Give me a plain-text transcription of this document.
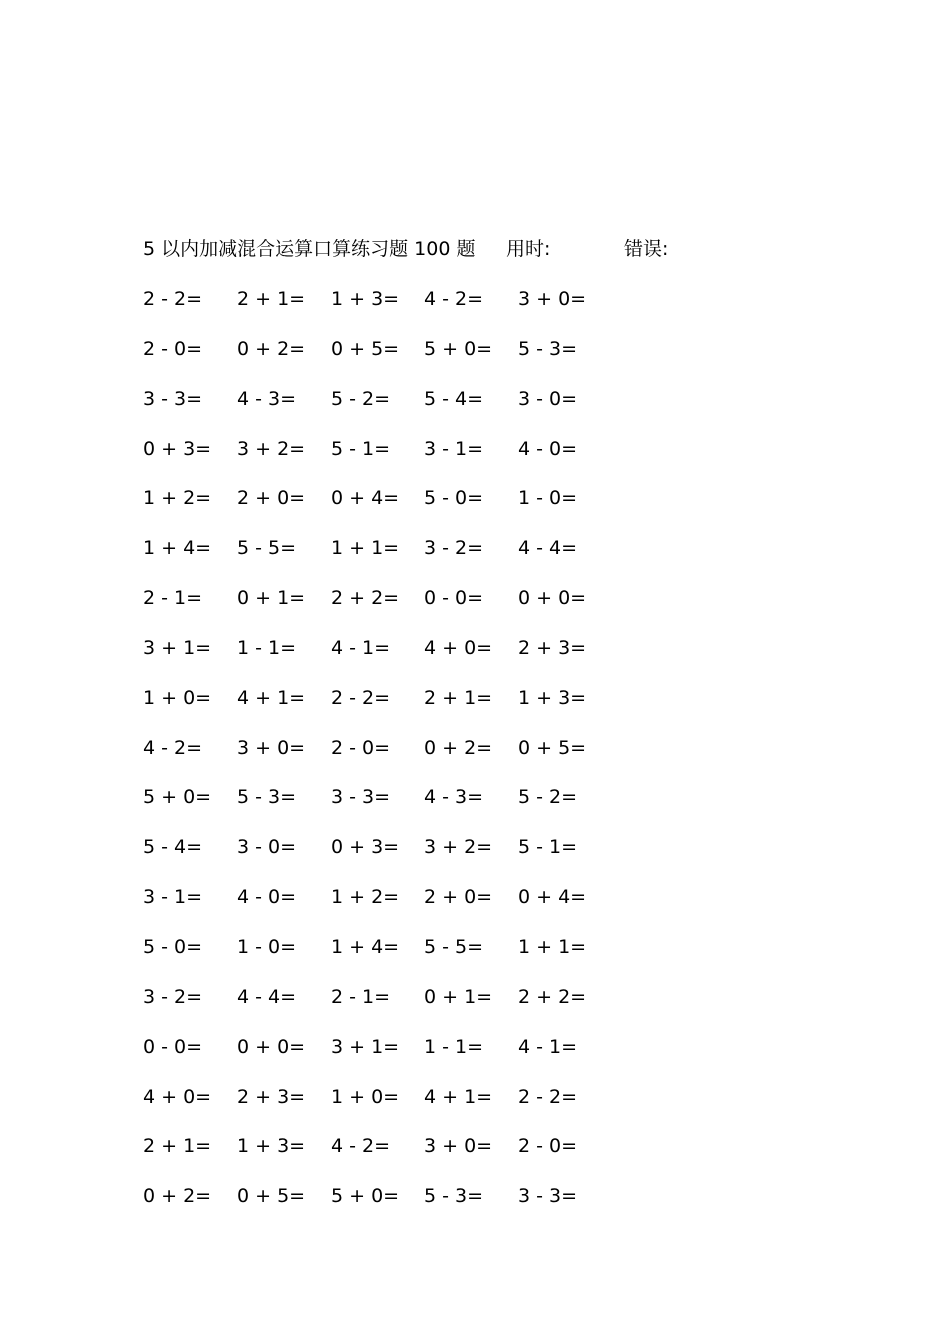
5 以内加减混合运算口算练习题 100 题 用时:	错误:
2 - 2= 2 + 1= 1 + 3= 4 - 2= 3 + 0=
2 - 0= 0 + 2= 0 + 5= 5 + 0= 5 - 3=
3 - 3= 4 - 3= 5 - 2= 5 - 4= 3 - 0=
0 + 3= 3 + 2= 5 - 1= 3 - 1= 4 - 0=
1 + 2= 2 + 0= 0 + 4= 5 - 0= 1 - 0=
1 + 4= 5 - 5= 1 + 1= 3 - 2= 4 - 4=
2 - 1= 0 + 1= 2 + 2= 0 - 0= 0 + 0=
3 + 1= 1 - 1= 4 - 1= 4 + 0= 2 + 3=
1 + 0= 4 + 1= 2 - 2= 2 + 1= 1 + 3=
4 - 2= 3 + 0= 2 - 0= 0 + 2= 0 + 5=
5 + 0= 5 - 3= 3 - 3= 4 - 3= 5 - 2=
5 - 4= 3 - 0= 0 + 3= 3 + 2= 5 - 1=
3 - 1= 4 - 0= 1 + 2= 2 + 0= 0 + 4=
5 - 0= 1 - 0= 1 + 4= 5 - 5= 1 + 1=
3 - 2= 4 - 4= 2 - 1= 0 + 1= 2 + 2=
0 - 0= 0 + 0= 3 + 1= 1 - 1= 4 - 1=
4 + 0= 2 + 3= 1 + 0= 4 + 1= 2 - 2=
2 + 1= 1 + 3= 4 - 2= 3 + 0= 2 - 0=
0 + 2= 0 + 5= 5 + 0= 5 - 3= 3 - 3=
